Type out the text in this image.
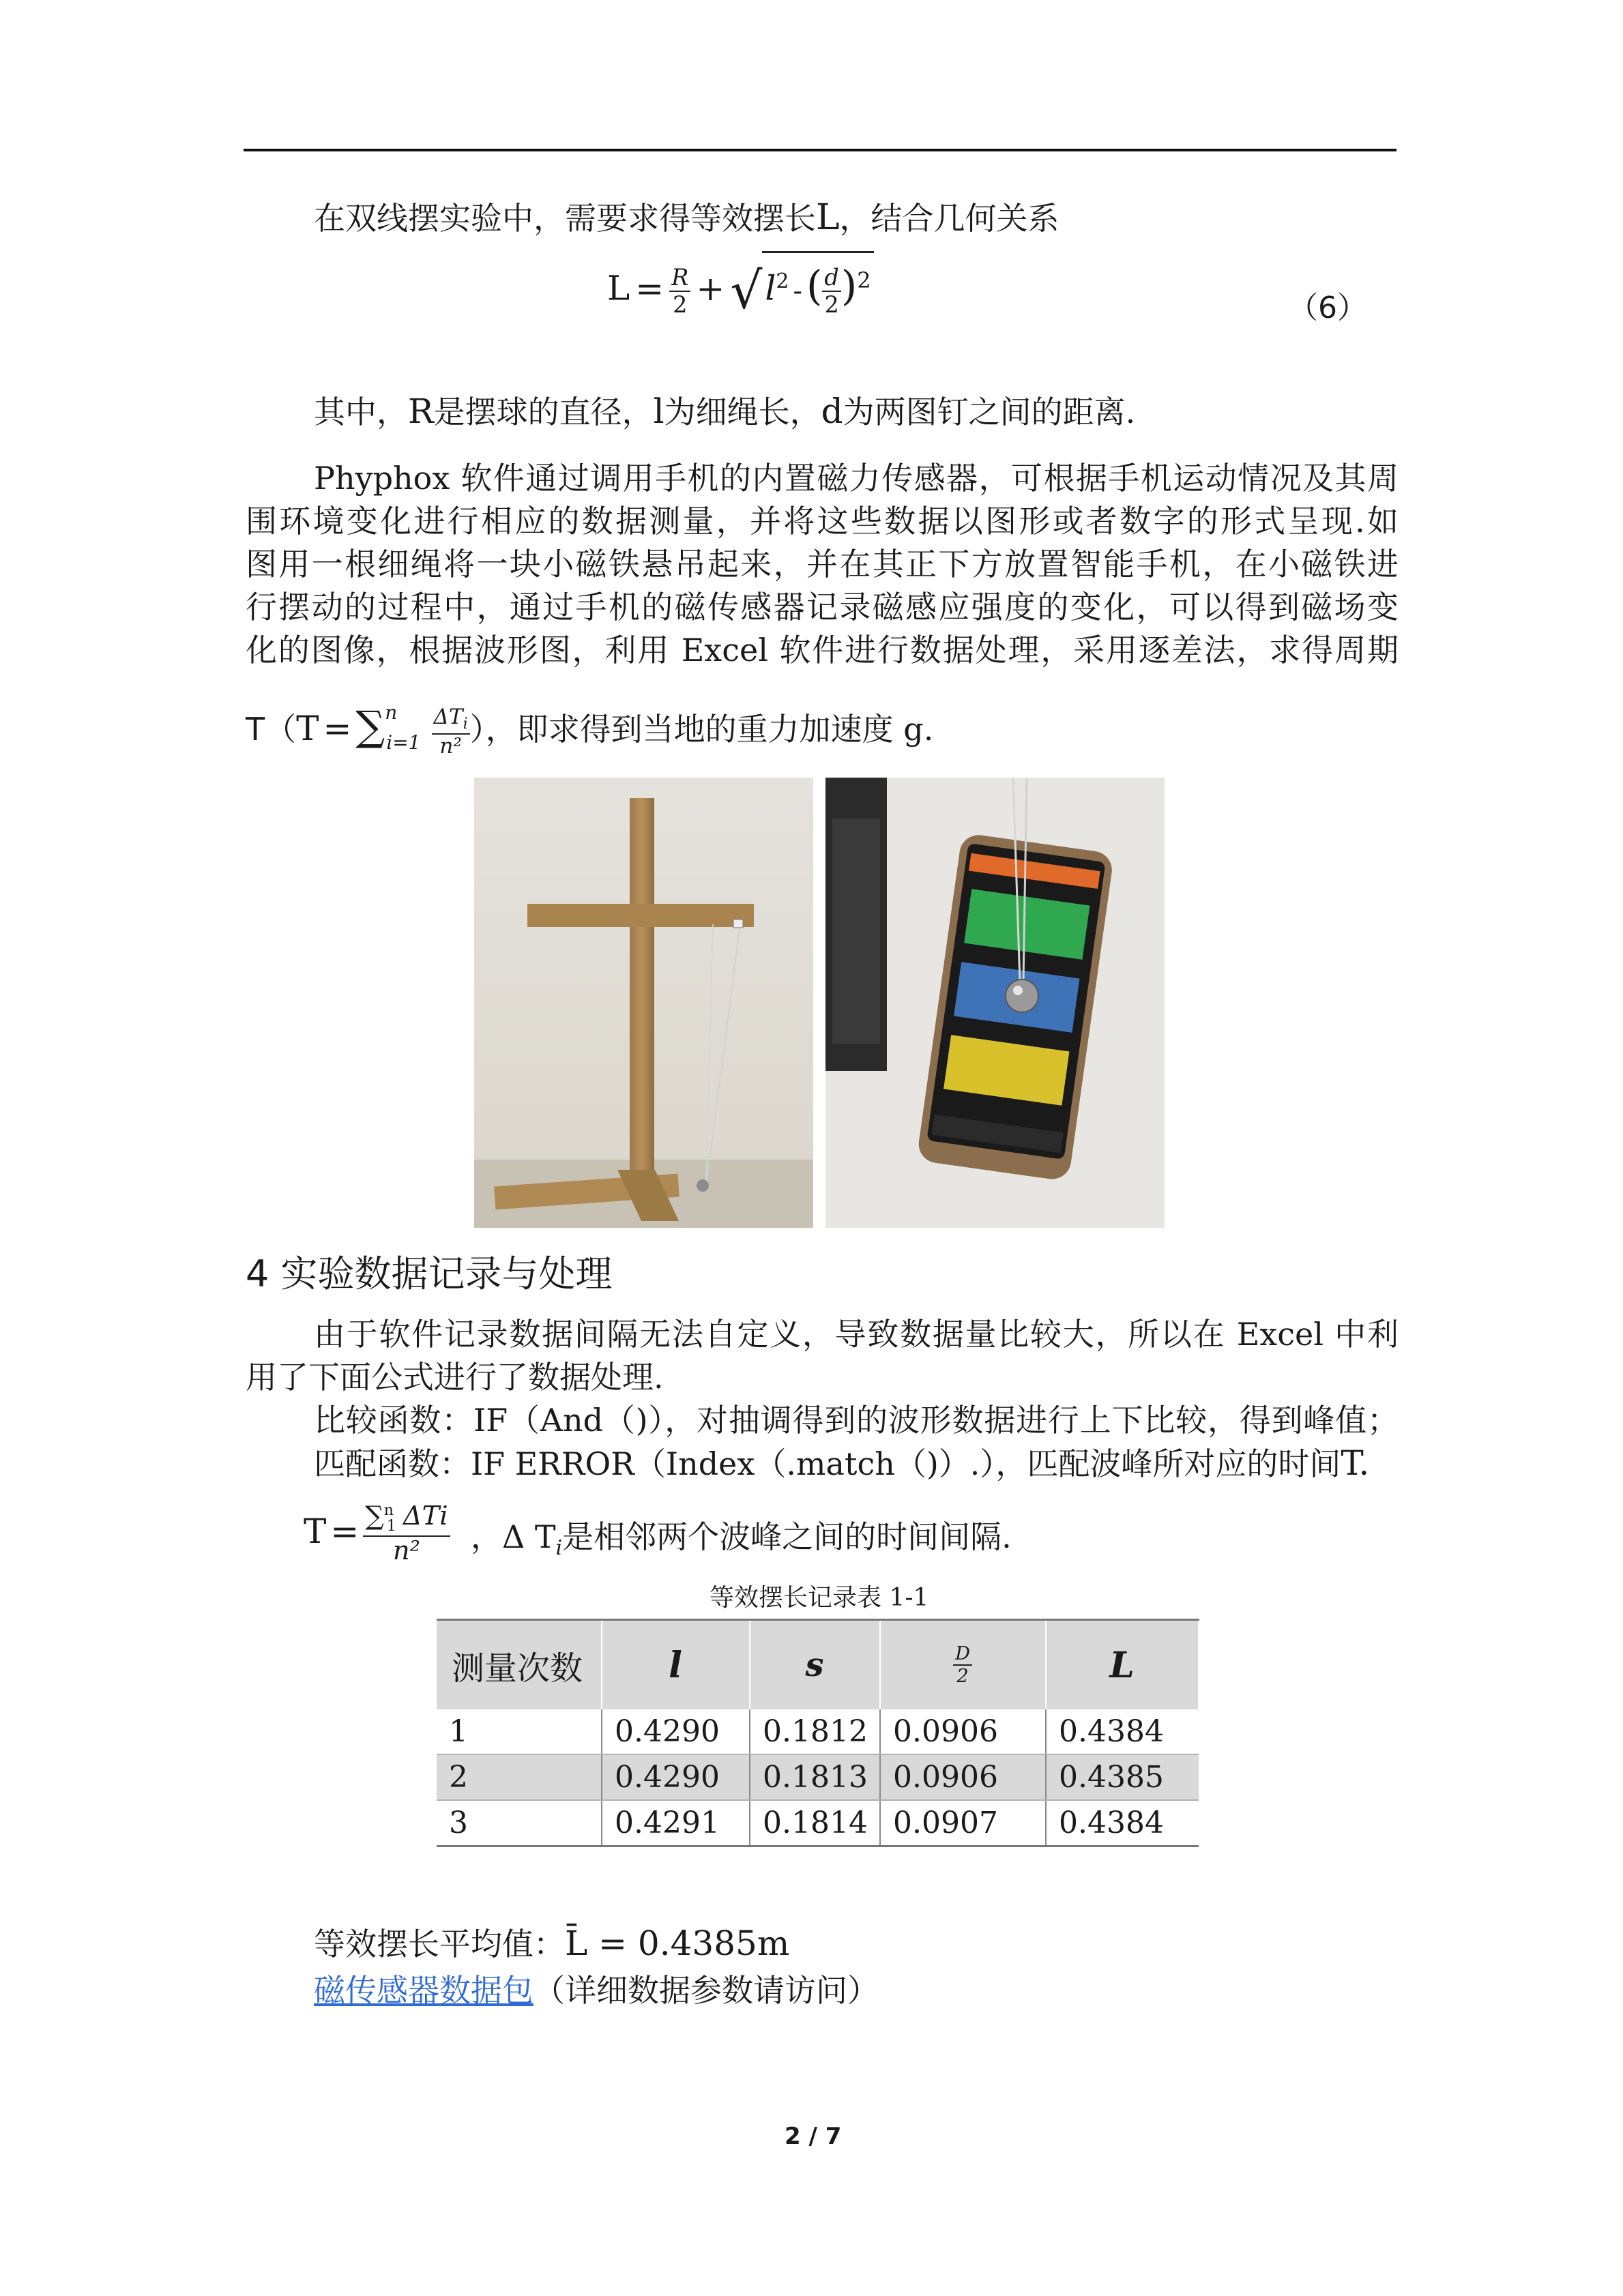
在双线摆实验中，需要求得等效摆长L，结合几何关系
$L = \frac{R}{2} + √l^2$ - ( $\frac{d}{2} )^2$
（6）
其中，R是摆球的直径，l为细绳长，d为两图钉之间的距离.
Phyphox 软件通过调用手机的内置磁力传感器，可根据手机运动情况及其周
围环境变化进行相应的数据测量，并将这些数据以图形或者数字的形式呈现.如
图用一根细绳将一块小磁铁悬吊起来，并在其正下方放置智能手机，在小磁铁进
行摆动的过程中，通过手机的磁传感器记录磁感应强度的变化，可以得到磁场变
化的图像，根据波形图，利用 Excel 软件进行数据处理，采用逐差法，求得周期
$T(T = \sum^n_{i=1} \frac{\Delta T_i}{\text{n²}}$ ），即求得到当地的重力加速度 g.
4 实验数据记录与处理
由于软件记录数据间隔无法自定义，导致数据量比较大，所以在 Excel 中利
用了下面公式进行了数据处理.
比较函数：IF（And（)），对抽调得到的波形数据进行上下比较，得到峰值；
匹配函数：IF ERROR（Index（.match（)）.），匹配波峰所对应的时间T.
$T = \frac{\sum^n_1 \Delta Ti}{\text{n²}}$ ，Δ $T_i$是相邻两个波峰之间的时间间隔.
等效摆长记录表 1-1
测量次数	l	s	$\frac{D}{2}$	L
1	0.4290	0.1812	0.0906	0.4384
2	0.4290	0.1813	0.0906	0.4385
3	0.4291	0.1814	0.0907	0.4384
等效摆长平均值：L̄ = 0.4385m
磁传感器数据包（详细数据参数请访问）
2 / 7
